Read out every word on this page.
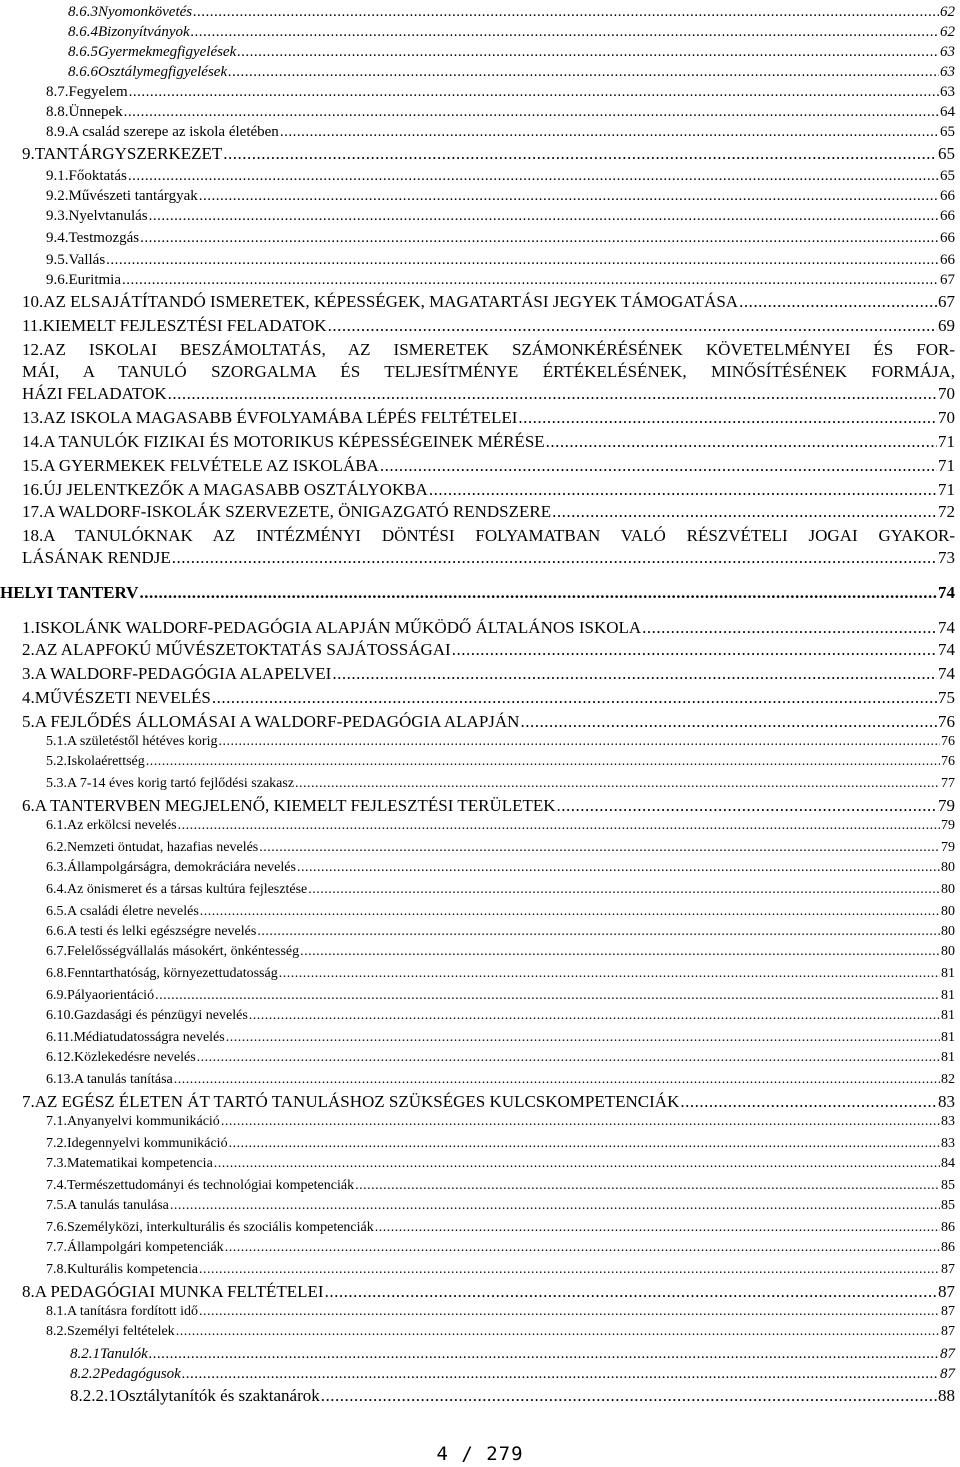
8.6.3Nyomonkövetés .....	62
8.6.4Bizonyítványok .....	62
8.6.5Gyermekmegfigyelések .....	63
8.6.6Osztálymegfigyelések .....	63
8.7.Fegyelem .....	63
8.8.Ünnepek .....	64
8.9.A család szerepe az iskola életében .....	65
9.TANTÁRGYSZERKEZET .....	65
9.1.Főoktatás .....	65
9.2.Művészeti tantárgyak .....	66
9.3.Nyelvtanulás .....	66
9.4.Testmozgás .....	66
9.5.Vallás .....	66
9.6.Euritmia .....	67
10.AZ ELSAJÁTÍTANDÓ ISMERETEK, KÉPESSÉGEK, MAGATARTÁSI JEGYEK TÁMOGATÁSA .....	67
11.KIEMELT FEJLESZTÉSI FELADATOK .....	69
12.AZ ISKOLAI BESZÁMOLTATÁS, AZ ISMERETEK SZÁMONKÉRÉSÉNEK KÖVETELMÉNYEI ÉS FOR-
MÁI, A TANULÓ SZORGALMA ÉS TELJESÍTMÉNYE ÉRTÉKELÉSÉNEK, MINŐSÍTÉSÉNEK FORMÁJA,
HÁZI FELADATOK .....	70
13.AZ ISKOLA MAGASABB ÉVFOLYAMÁBA LÉPÉS FELTÉTELEI .....	70
14.A TANULÓK FIZIKAI ÉS MOTORIKUS KÉPESSÉGEINEK MÉRÉSE .....	71
15.A GYERMEKEK FELVÉTELE AZ ISKOLÁBA .....	71
16.ÚJ JELENTKEZŐK A MAGASABB OSZTÁLYOKBA .....	71
17.A WALDORF-ISKOLÁK SZERVEZETE, ÖNIGAZGATÓ RENDSZERE .....	72
18.A TANULÓKNAK AZ INTÉZMÉNYI DÖNTÉSI FOLYAMATBAN VALÓ RÉSZVÉTELI JOGAI GYAKOR-
LÁSÁNAK RENDJE .....	73
HELYI TANTERV .....	74
1.ISKOLÁNK WALDORF-PEDAGÓGIA ALAPJÁN MŰKÖDŐ ÁLTALÁNOS ISKOLA .....	74
2.AZ ALAPFOKÚ MŰVÉSZETOKTATÁS SAJÁTOSSÁGAI .....	74
3.A WALDORF-PEDAGÓGIA ALAPELVEI .....	74
4.MŰVÉSZETI NEVELÉS .....	75
5.A FEJLŐDÉS ÁLLOMÁSAI A WALDORF-PEDAGÓGIA ALAPJÁN .....	76
5.1.A születéstől hétéves korig .....	76
5.2.Iskolaérettség .....	76
5.3.A 7-14 éves korig tartó fejlődési szakasz .....	77
6.A TANTERVBEN MEGJELENŐ, KIEMELT FEJLESZTÉSI TERÜLETEK .....	79
6.1.Az erkölcsi nevelés .....	79
6.2.Nemzeti öntudat, hazafias nevelés .....	79
6.3.Állampolgárságra, demokráciára nevelés .....	80
6.4.Az önismeret és a társas kultúra fejlesztése .....	80
6.5.A családi életre nevelés .....	80
6.6.A testi és lelki egészségre nevelés .....	80
6.7.Felelősségvállalás másokért, önkéntesség .....	80
6.8.Fenntarthatóság, környezettudatosság .....	81
6.9.Pályaorientáció .....	81
6.10.Gazdasági és pénzügyi nevelés .....	81
6.11.Médiatudatosságra nevelés .....	81
6.12.Közlekedésre nevelés .....	81
6.13.A tanulás tanítása .....	82
7.AZ EGÉSZ ÉLETEN ÁT TARTÓ TANULÁSHOZ SZÜKSÉGES KULCSKOMPETENCIÁK .....	83
7.1.Anyanyelvi kommunikáció .....	83
7.2.Idegennyelvi kommunikáció .....	83
7.3.Matematikai kompetencia .....	84
7.4.Természettudományi és technológiai kompetenciák .....	85
7.5.A tanulás tanulása .....	85
7.6.Személyközi, interkulturális és szociális kompetenciák .....	86
7.7.Állampolgári kompetenciák .....	86
7.8.Kulturális kompetencia .....	87
8.A PEDAGÓGIAI MUNKA FELTÉTELEI .....	87
8.1.A tanításra fordított idő .....	87
8.2.Személyi feltételek .....	87
8.2.1Tanulók .....	87
8.2.2Pedagógusok .....	87
8.2.2.1Osztálytanítók és szaktanárok .....	88
4 / 279
